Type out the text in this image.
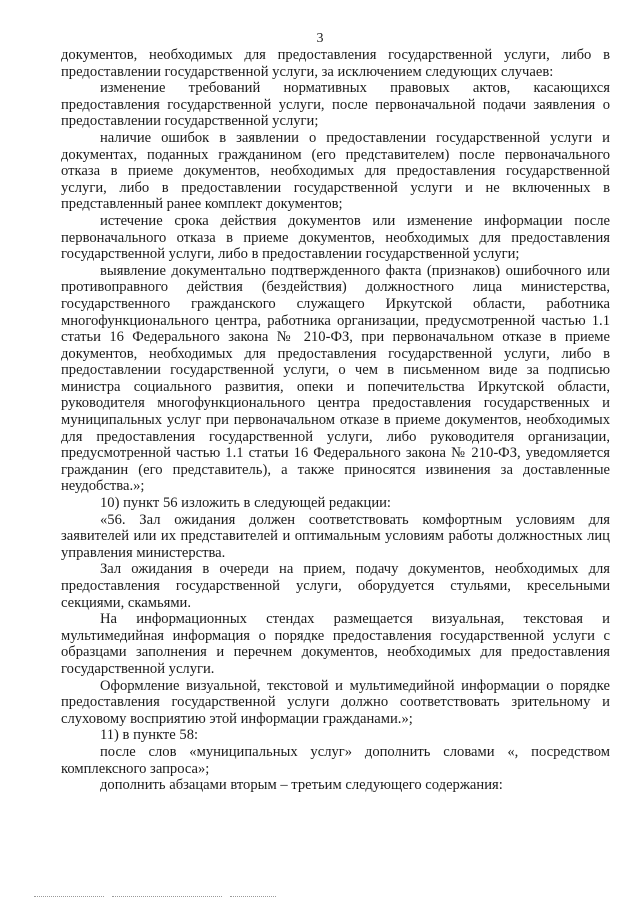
3

документов, необходимых для предоставления государственной услуги, либо в предоставлении государственной услуги, за исключением следующих случаев:

изменение требований нормативных правовых актов, касающихся предоставления государственной услуги, после первоначальной подачи заявления о предоставлении государственной услуги;

наличие ошибок в заявлении о предоставлении государственной услуги и документах, поданных гражданином (его представителем) после первоначального отказа в приеме документов, необходимых для предоставления государственной услуги, либо в предоставлении государственной услуги и не включенных в представленный ранее комплект документов;

истечение срока действия документов или изменение информации после первоначального отказа в приеме документов, необходимых для предоставления государственной услуги, либо в предоставлении государственной услуги;

выявление документально подтвержденного факта (признаков) ошибочного или противоправного действия (бездействия) должностного лица министерства, государственного гражданского служащего Иркутской области, работника многофункционального центра, работника организации, предусмотренной частью 1.1 статьи 16 Федерального закона № 210-ФЗ, при первоначальном отказе в приеме документов, необходимых для предоставления государственной услуги, либо в предоставлении государственной услуги, о чем в письменном виде за подписью министра социального развития, опеки и попечительства Иркутской области, руководителя многофункционального центра предоставления государственных и муниципальных услуг при первоначальном отказе в приеме документов, необходимых для предоставления государственной услуги, либо руководителя организации, предусмотренной частью 1.1 статьи 16 Федерального закона № 210-ФЗ, уведомляется гражданин (его представитель), а также приносятся извинения за доставленные неудобства.»;

10) пункт 56 изложить в следующей редакции:

«56. Зал ожидания должен соответствовать комфортным условиям для заявителей или их представителей и оптимальным условиям работы должностных лиц управления министерства.

Зал ожидания в очереди на прием, подачу документов, необходимых для предоставления государственной услуги, оборудуется стульями, кресельными секциями, скамьями.

На информационных стендах размещается визуальная, текстовая и мультимедийная информация о порядке предоставления государственной услуги с образцами заполнения и перечнем документов, необходимых для предоставления государственной услуги.

Оформление визуальной, текстовой и мультимедийной информации о порядке предоставления государственной услуги должно соответствовать зрительному и слуховому восприятию этой информации гражданами.»;

11) в пункте 58:

после слов «муниципальных услуг» дополнить словами «, посредством комплексного запроса»;

дополнить абзацами вторым – третьим следующего содержания:
